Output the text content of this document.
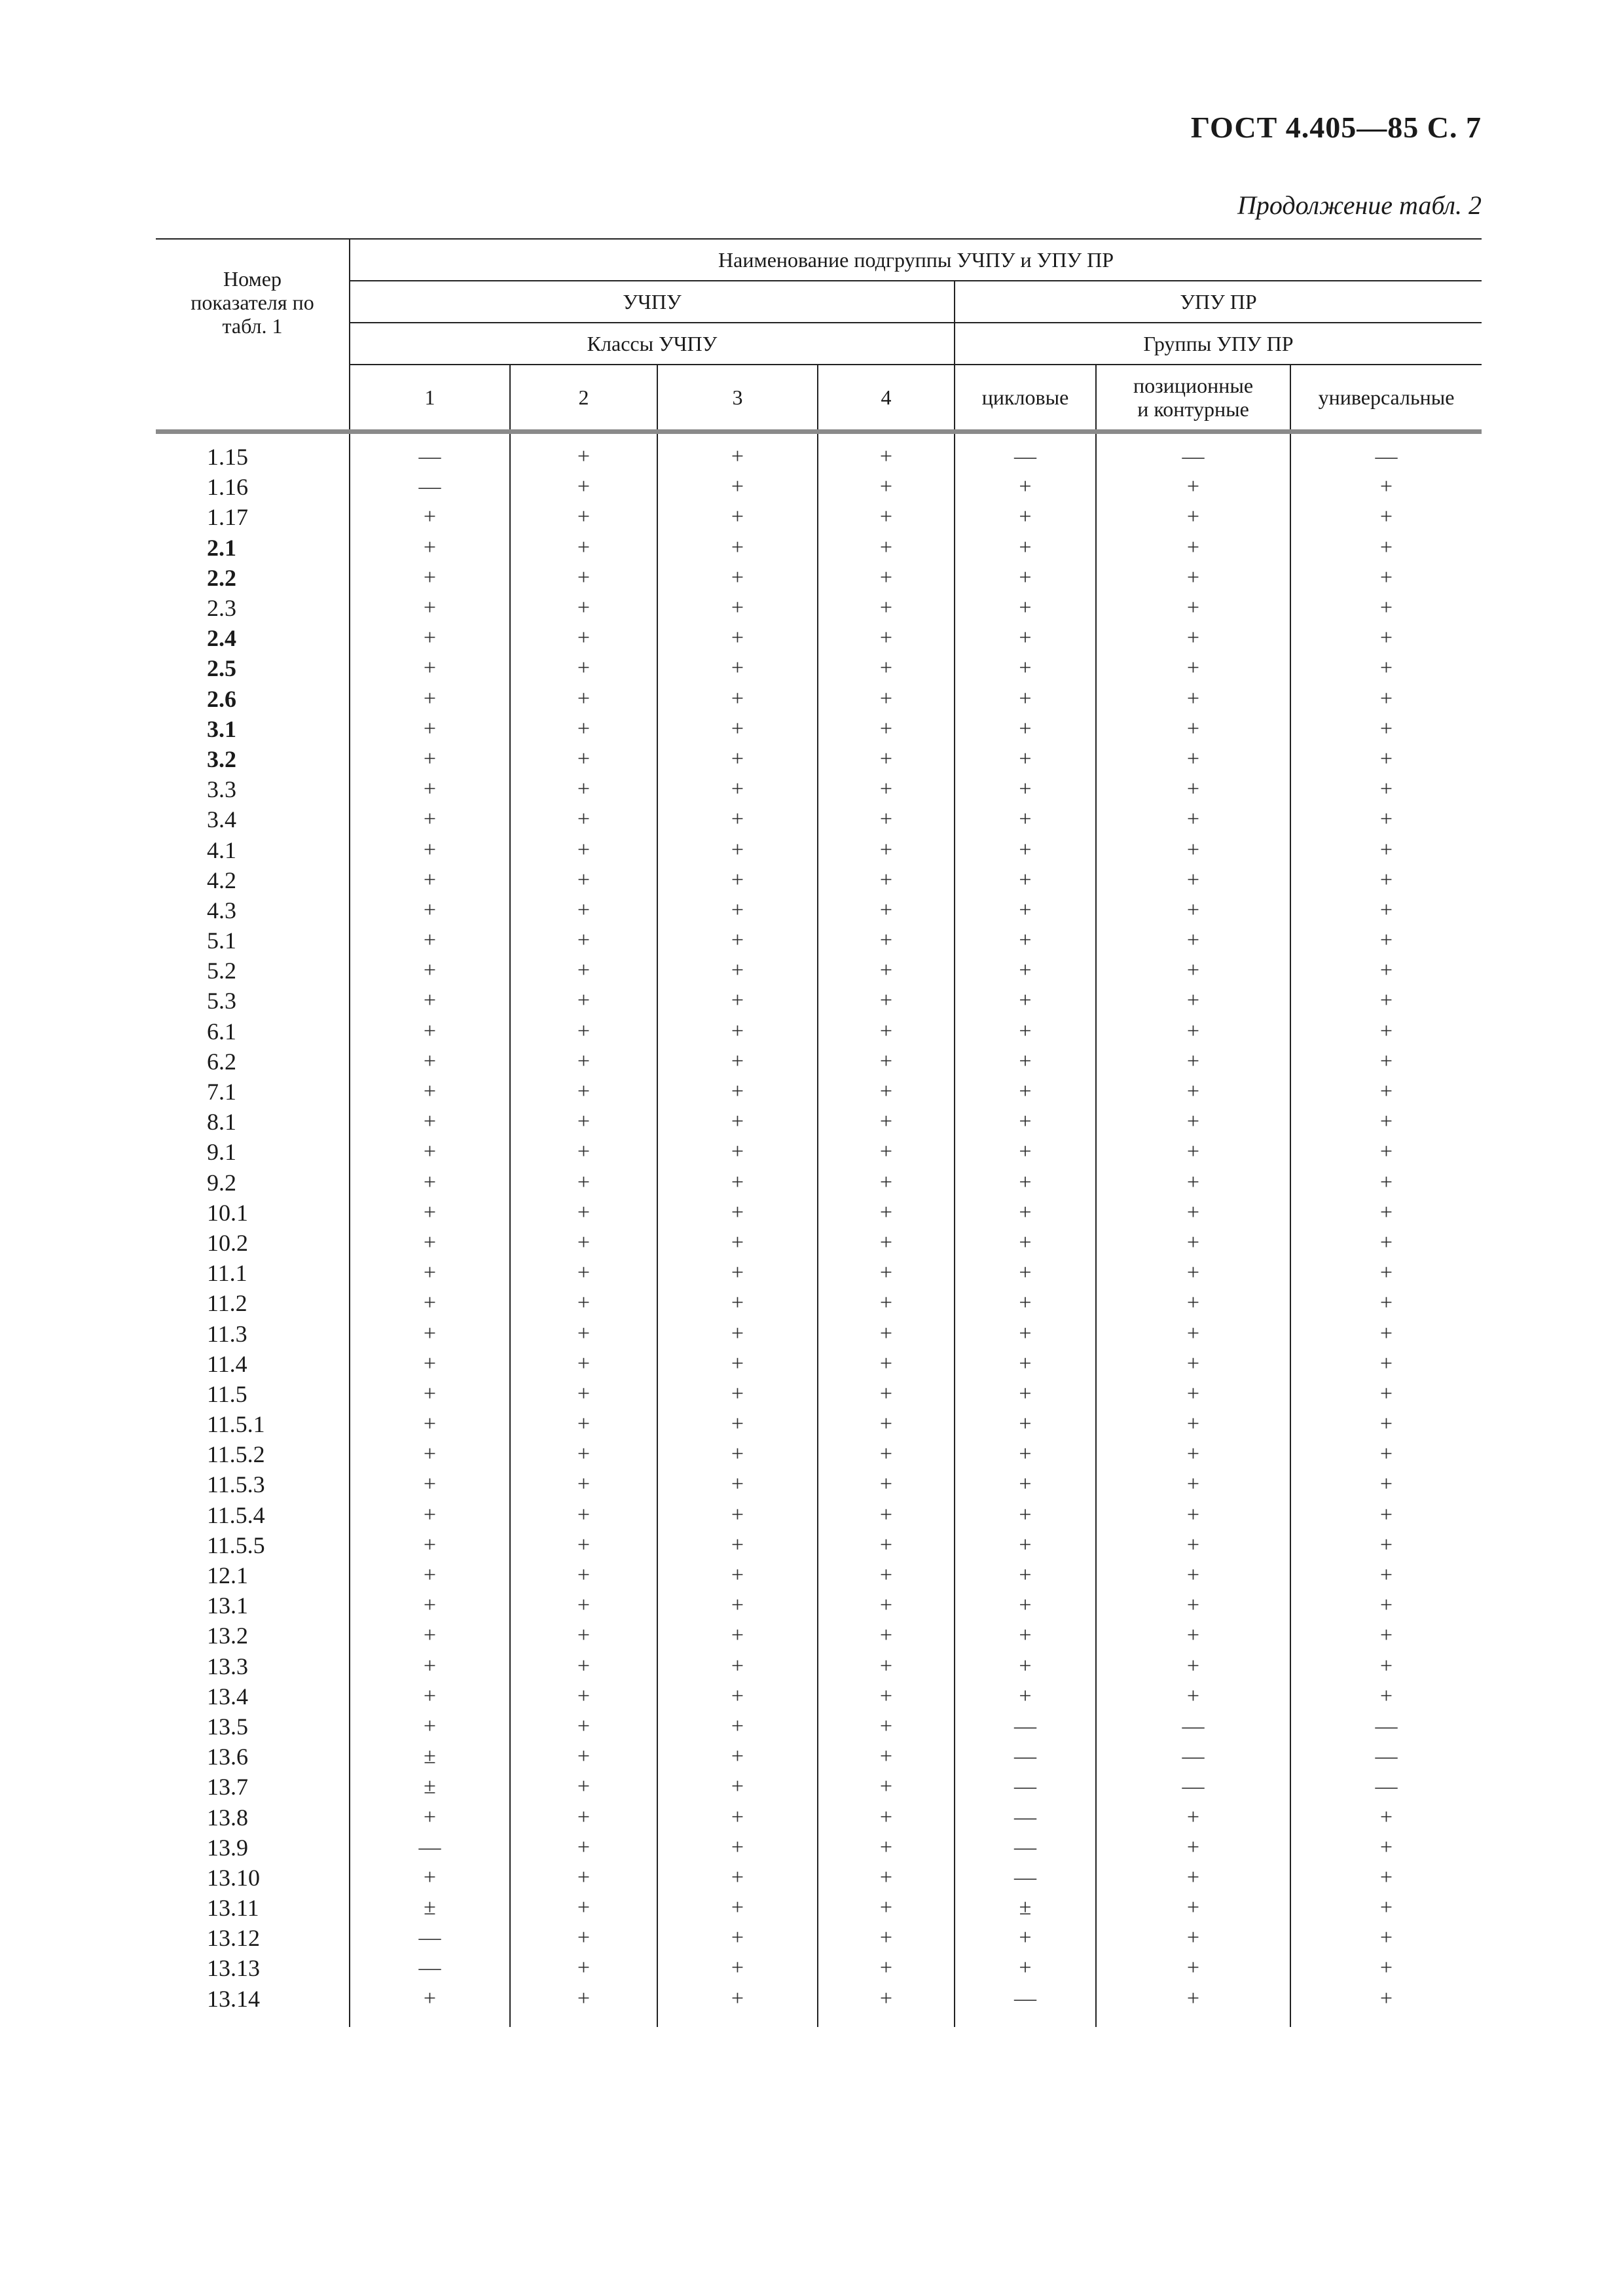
ГОСТ 4.405—85 С. 7
Продолжение табл. 2
Номер показателя по табл. 1	Наименование подгруппы УЧПУ и УПУ ПР						
	УЧПУ				УПУ ПР		
	Классы УЧПУ				Группы УПУ ПР		
	1	2	3	4	цикловые	позиционные и контурные	универсальные
1.15	—	+	+	+	—	—	—
1.16	—	+	+	+	+	+	+
1.17	+	+	+	+	+	+	+
2.1	+	+	+	+	+	+	+
2.2	+	+	+	+	+	+	+
2.3	+	+	+	+	+	+	+
2.4	+	+	+	+	+	+	+
2.5	+	+	+	+	+	+	+
2.6	+	+	+	+	+	+	+
3.1	+	+	+	+	+	+	+
3.2	+	+	+	+	+	+	+
3.3	+	+	+	+	+	+	+
3.4	+	+	+	+	+	+	+
4.1	+	+	+	+	+	+	+
4.2	+	+	+	+	+	+	+
4.3	+	+	+	+	+	+	+
5.1	+	+	+	+	+	+	+
5.2	+	+	+	+	+	+	+
5.3	+	+	+	+	+	+	+
6.1	+	+	+	+	+	+	+
6.2	+	+	+	+	+	+	+
7.1	+	+	+	+	+	+	+
8.1	+	+	+	+	+	+	+
9.1	+	+	+	+	+	+	+
9.2	+	+	+	+	+	+	+
10.1	+	+	+	+	+	+	+
10.2	+	+	+	+	+	+	+
11.1	+	+	+	+	+	+	+
11.2	+	+	+	+	+	+	+
11.3	+	+	+	+	+	+	+
11.4	+	+	+	+	+	+	+
11.5	+	+	+	+	+	+	+
11.5.1	+	+	+	+	+	+	+
11.5.2	+	+	+	+	+	+	+
11.5.3	+	+	+	+	+	+	+
11.5.4	+	+	+	+	+	+	+
11.5.5	+	+	+	+	+	+	+
12.1	+	+	+	+	+	+	+
13.1	+	+	+	+	+	+	+
13.2	+	+	+	+	+	+	+
13.3	+	+	+	+	+	+	+
13.4	+	+	+	+	+	+	+
13.5	+	+	+	+	—	—	—
13.6	±	+	+	+	—	—	—
13.7	±	+	+	+	—	—	—
13.8	+	+	+	+	—	+	+
13.9	—	+	+	+	—	+	+
13.10	+	+	+	+	—	+	+
13.11	±	+	+	+	±	+	+
13.12	—	+	+	+	+	+	+
13.13	—	+	+	+	+	+	+
13.14	+	+	+	+	—	+	+
